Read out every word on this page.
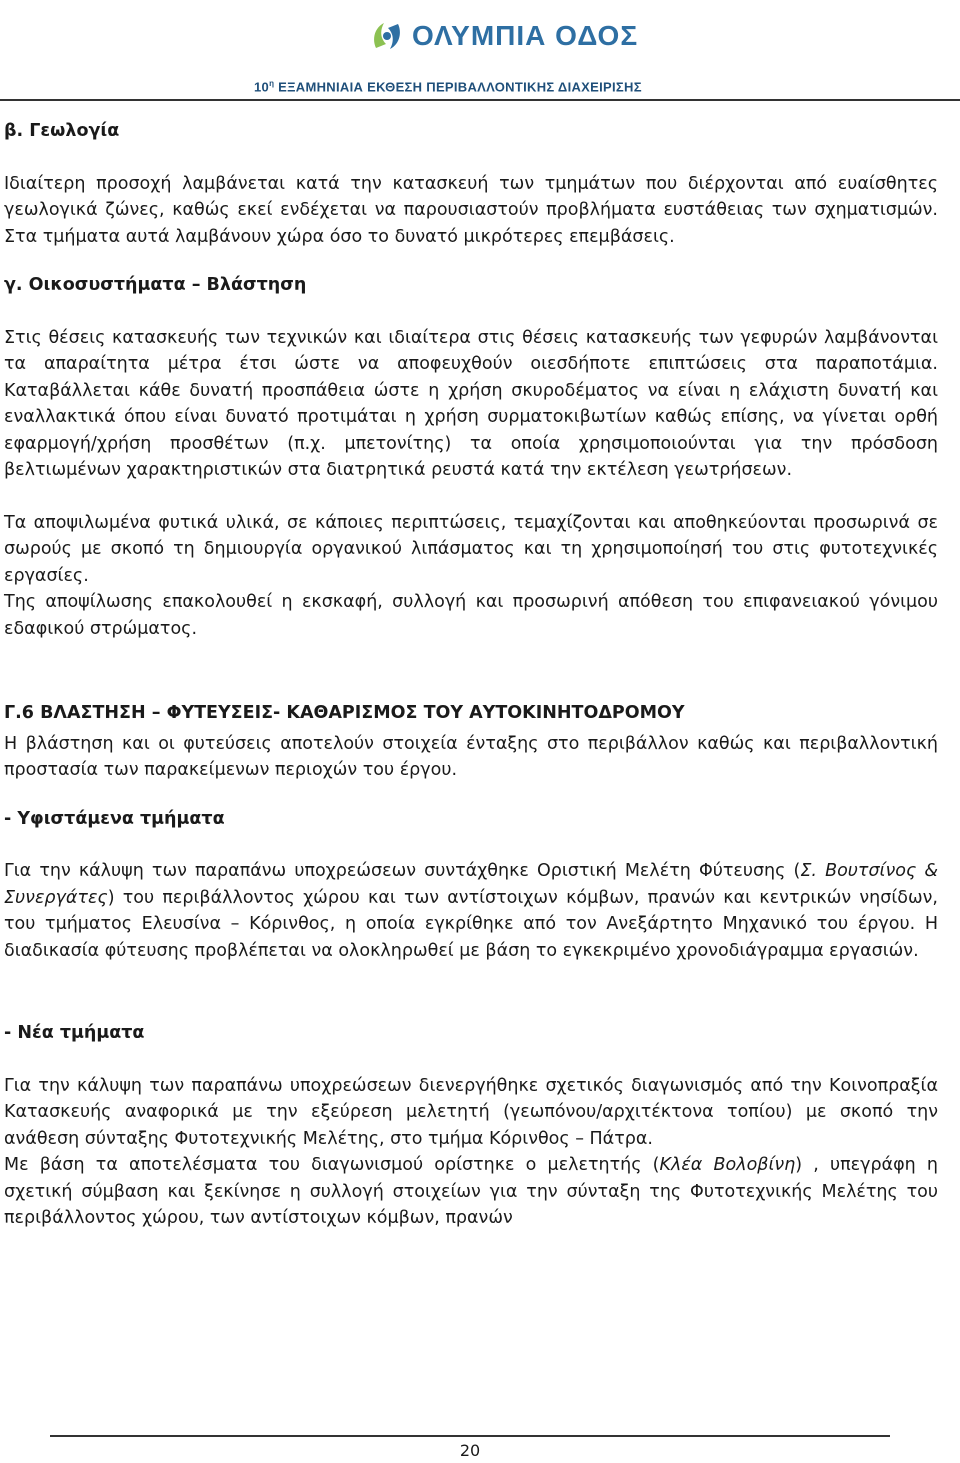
ΟΛΥΜΠΙΑ ΟΔΟΣ
$10^\eta$ ΕΞΑΜΗΝΙΑΙΑ ΕΚΘΕΣΗ ΠΕΡΙΒΑΛΛΟΝΤΙΚΗΣ ΔΙΑΧΕΙΡΙΣΗΣ

β. Γεωλογία

Ιδιαίτερη προσοχή λαμβάνεται κατά την κατασκευή των τμημάτων που διέρχονται από ευαίσθητες γεωλογικά ζώνες, καθώς εκεί ενδέχεται να παρουσιαστούν προβλήματα ευστάθειας των σχηματισμών. Στα τμήματα αυτά λαμβάνουν χώρα όσο το δυνατό μικρότερες επεμβάσεις.

γ. Οικοσυστήματα – Βλάστηση

Στις θέσεις κατασκευής των τεχνικών και ιδιαίτερα στις θέσεις κατασκευής των γεφυρών λαμβάνονται τα απαραίτητα μέτρα έτσι ώστε να αποφευχθούν οιεσδήποτε επιπτώσεις στα παραποτάμια. Καταβάλλεται κάθε δυνατή προσπάθεια ώστε η χρήση σκυροδέματος να είναι η ελάχιστη δυνατή και εναλλακτικά όπου είναι δυνατό προτιμάται η χρήση συρματοκιβωτίων καθώς επίσης, να γίνεται ορθή εφαρμογή/χρήση προσθέτων (π.χ. μπετονίτης) τα οποία χρησιμοποιούνται για την πρόσδοση βελτιωμένων χαρακτηριστικών στα διατρητικά ρευστά κατά την εκτέλεση γεωτρήσεων.

Τα αποψιλωμένα φυτικά υλικά, σε κάποιες περιπτώσεις, τεμαχίζονται και αποθηκεύονται προσωρινά σε σωρούς με σκοπό τη δημιουργία οργανικού λιπάσματος και τη χρησιμοποίησή του στις φυτοτεχνικές εργασίες.

Της αποψίλωσης επακολουθεί η εκσκαφή, συλλογή και προσωρινή απόθεση του επιφανειακού γόνιμου εδαφικού στρώματος.

Γ.6 ΒΛΑΣΤΗΣΗ – ΦΥΤΕΥΣΕΙΣ- ΚΑΘΑΡΙΣΜΟΣ ΤΟΥ ΑΥΤΟΚΙΝΗΤΟΔΡΟΜΟΥ

Η βλάστηση και οι φυτεύσεις αποτελούν στοιχεία ένταξης στο περιβάλλον καθώς και περιβαλλοντική προστασία των παρακείμενων περιοχών του έργου.

- Υφιστάμενα τμήματα

Για την κάλυψη των παραπάνω υποχρεώσεων συντάχθηκε Οριστική Μελέτη Φύτευσης (Σ. Βουτσίνος & Συνεργάτες) του περιβάλλοντος χώρου και των αντίστοιχων κόμβων, πρανών και κεντρικών νησίδων, του τμήματος Ελευσίνα – Κόρινθος, η οποία εγκρίθηκε από τον Ανεξάρτητο Μηχανικό του έργου. Η διαδικασία φύτευσης προβλέπεται να ολοκληρωθεί με βάση το εγκεκριμένο χρονοδιάγραμμα εργασιών.

- Νέα τμήματα

Για την κάλυψη των παραπάνω υποχρεώσεων διενεργήθηκε σχετικός διαγωνισμός από την Κοινοπραξία Κατασκευής αναφορικά με την εξεύρεση μελετητή (γεωπόνου/αρχιτέκτονα τοπίου) με σκοπό την ανάθεση σύνταξης Φυτοτεχνικής Μελέτης, στο τμήμα Κόρινθος – Πάτρα.

Με βάση τα αποτελέσματα του διαγωνισμού ορίστηκε ο μελετητής (Κλέα Βολοβίνη) , υπεγράφη η σχετική σύμβαση και ξεκίνησε η συλλογή στοιχείων για την σύνταξη της Φυτοτεχνικής Μελέτης του περιβάλλοντος χώρου, των αντίστοιχων κόμβων, πρανών

20
